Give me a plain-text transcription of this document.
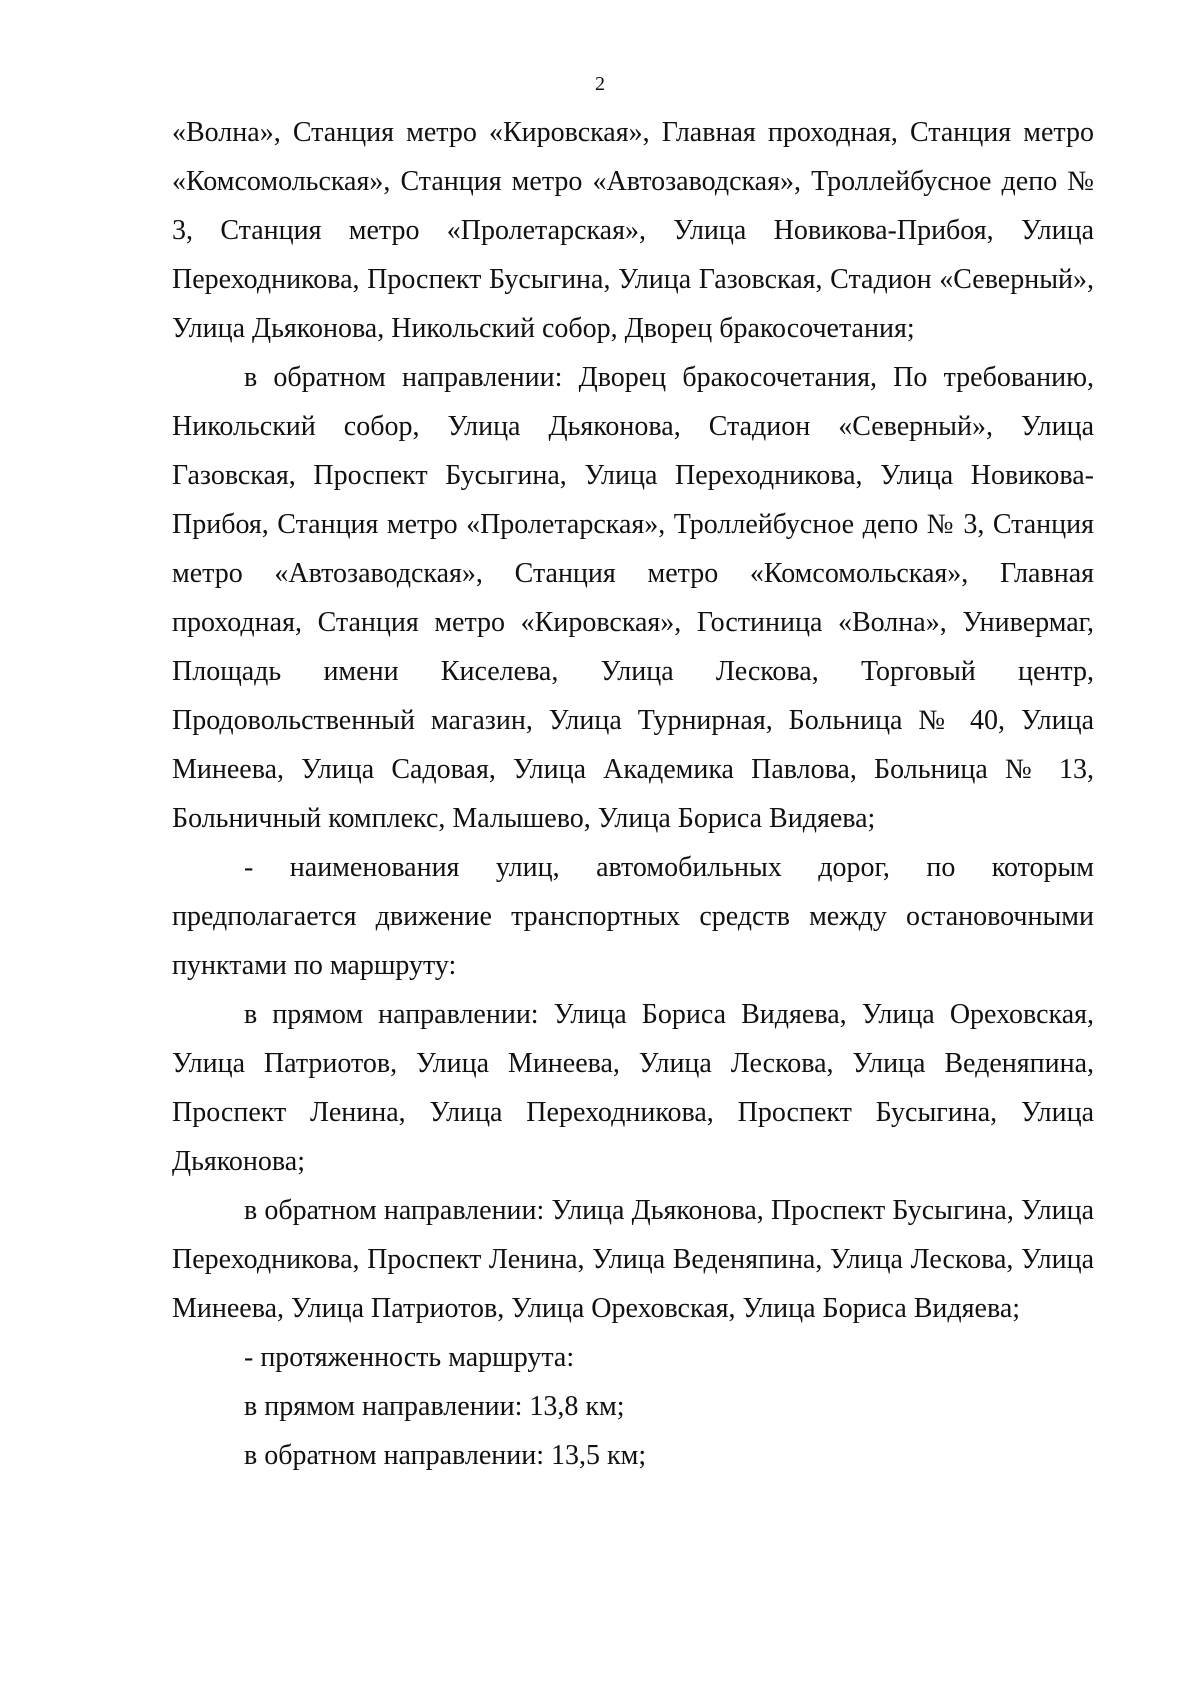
2

«Волна», Станция метро «Кировская», Главная проходная, Станция метро «Комсомольская», Станция метро «Автозаводская», Троллейбусное депо № 3, Станция метро «Пролетарская», Улица Новикова-Прибоя, Улица Переходникова, Проспект Бусыгина, Улица Газовская, Стадион «Северный», Улица Дьяконова, Никольский собор, Дворец бракосочетания;

в обратном направлении: Дворец бракосочетания, По требованию, Никольский собор, Улица Дьяконова, Стадион «Северный», Улица Газовская, Проспект Бусыгина, Улица Переходникова, Улица Новикова-Прибоя, Станция метро «Пролетарская», Троллейбусное депо № 3, Станция метро «Автозаводская», Станция метро «Комсомольская», Главная проходная, Станция метро «Кировская», Гостиница «Волна», Универмаг, Площадь имени Киселева, Улица Лескова, Торговый центр, Продовольственный магазин, Улица Турнирная, Больница № 40, Улица Минеева, Улица Садовая, Улица Академика Павлова, Больница № 13, Больничный комплекс, Малышево, Улица Бориса Видяева;

- наименования улиц, автомобильных дорог, по которым предполагается движение транспортных средств между остановочными пунктами по маршруту:

в прямом направлении: Улица Бориса Видяева, Улица Ореховская, Улица Патриотов, Улица Минеева, Улица Лескова, Улица Веденяпина, Проспект Ленина, Улица Переходникова, Проспект Бусыгина, Улица Дьяконова;

в обратном направлении: Улица Дьяконова, Проспект Бусыгина, Улица Переходникова, Проспект Ленина, Улица Веденяпина, Улица Лескова, Улица Минеева, Улица Патриотов, Улица Ореховская, Улица Бориса Видяева;

- протяженность маршрута:

в прямом направлении: 13,8 км;

в обратном направлении: 13,5 км;
